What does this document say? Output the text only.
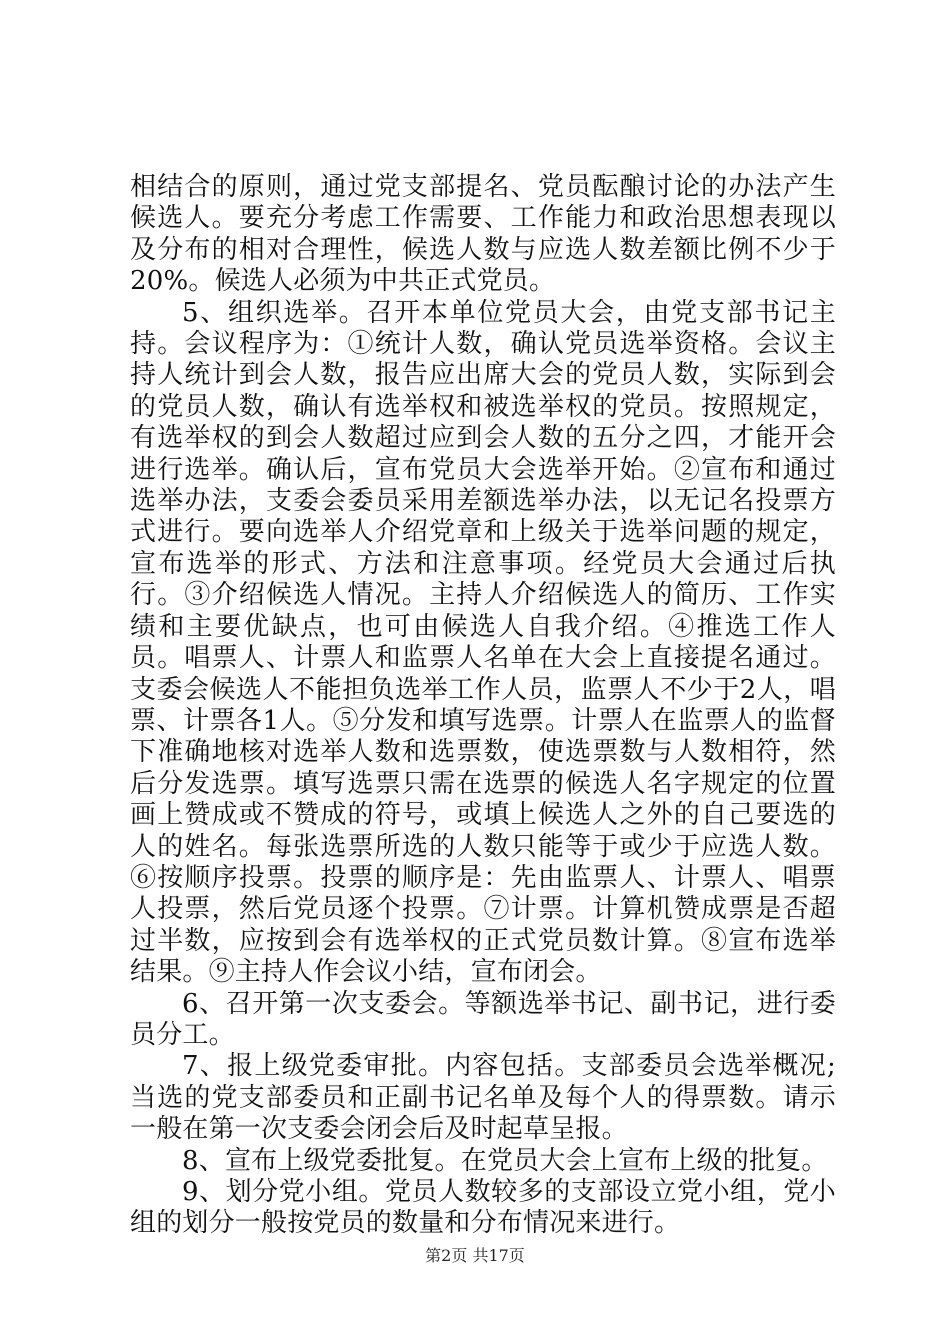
相结合的原则，通过党支部提名、党员酝酿讨论的办法产生候选人。要充分考虑工作需要、工作能力和政治思想表现以及分布的相对合理性，候选人数与应选人数差额比例不少于20%。候选人必须为中共正式党员。

5、组织选举。召开本单位党员大会，由党支部书记主持。会议程序为：①统计人数，确认党员选举资格。会议主持人统计到会人数，报告应出席大会的党员人数，实际到会的党员人数，确认有选举权和被选举权的党员。按照规定，有选举权的到会人数超过应到会人数的五分之四，才能开会进行选举。确认后，宣布党员大会选举开始。②宣布和通过选举办法，支委会委员采用差额选举办法，以无记名投票方式进行。要向选举人介绍党章和上级关于选举问题的规定，宣布选举的形式、方法和注意事项。经党员大会通过后执行。③介绍候选人情况。主持人介绍候选人的简历、工作实绩和主要优缺点，也可由候选人自我介绍。④推选工作人员。唱票人、计票人和监票人名单在大会上直接提名通过。支委会候选人不能担负选举工作人员，监票人不少于2人，唱票、计票各1人。⑤分发和填写选票。计票人在监票人的监督下准确地核对选举人数和选票数，使选票数与人数相符，然后分发选票。填写选票只需在选票的候选人名字规定的位置画上赞成或不赞成的符号，或填上候选人之外的自己要选的人的姓名。每张选票所选的人数只能等于或少于应选人数。⑥按顺序投票。投票的顺序是：先由监票人、计票人、唱票人投票，然后党员逐个投票。⑦计票。计算机赞成票是否超过半数，应按到会有选举权的正式党员数计算。⑧宣布选举结果。⑨主持人作会议小结，宣布闭会。

6、召开第一次支委会。等额选举书记、副书记，进行委员分工。

7、报上级党委审批。内容包括。支部委员会选举概况;当选的党支部委员和正副书记名单及每个人的得票数。请示一般在第一次支委会闭会后及时起草呈报。

8、宣布上级党委批复。在党员大会上宣布上级的批复。

9、划分党小组。党员人数较多的支部设立党小组，党小组的划分一般按党员的数量和分布情况来进行。

第2页 共17页
